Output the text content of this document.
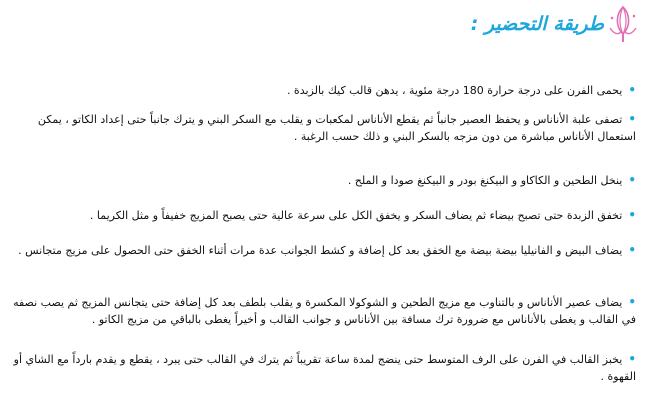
طريقة التحضير :
•يحمى الفرن على درجة حرارة 180 درجة مئوية ، يدهن قالب كيك بالزبدة .
•تصفى علبة الأناناس و يحفظ العصير جانباً ثم يقطع الأناناس لمكعبات و يقلب مع السكر البني و يترك جانباً حتى إعداد الكاتو ، يمكن استعمال الأناناس مباشرة من دون مزجه بالسكر البني و ذلك حسب الرغبة .
•ينخل الطحين و الكاكاو و البيكنغ بودر و البيكنغ صودا و الملح .
•تخفق الزبدة حتى تصبح بيضاء ثم يضاف السكر و يخفق الكل على سرعة عالية حتى يصبح المزيج خفيفاً و مثل الكريما .
•يضاف البيض و الفانيليا بيضة بيضة مع الخفق بعد كل إضافة و كشط الجوانب عدة مرات أثناء الخفق حتى الحصول على مزيج متجانس .
•يضاف عصير الأناناس و بالتناوب مع مزيج الطحين و الشوكولا المكسرة و يقلب بلطف بعد كل إضافة حتى يتجانس المزيج ثم يصب نصفه في القالب و يغطى بالأناناس مع ضرورة ترك مسافة بين الأناناس و جوانب القالب و أخيراً يغطى بالباقي من مزيج الكاتو .
•يخبز القالب في الفرن على الرف المتوسط حتى ينضج لمدة ساعة تقريباً ثم يترك في القالب حتى يبرد ، يقطع و يقدم بارداً مع الشاي أو القهوة .
